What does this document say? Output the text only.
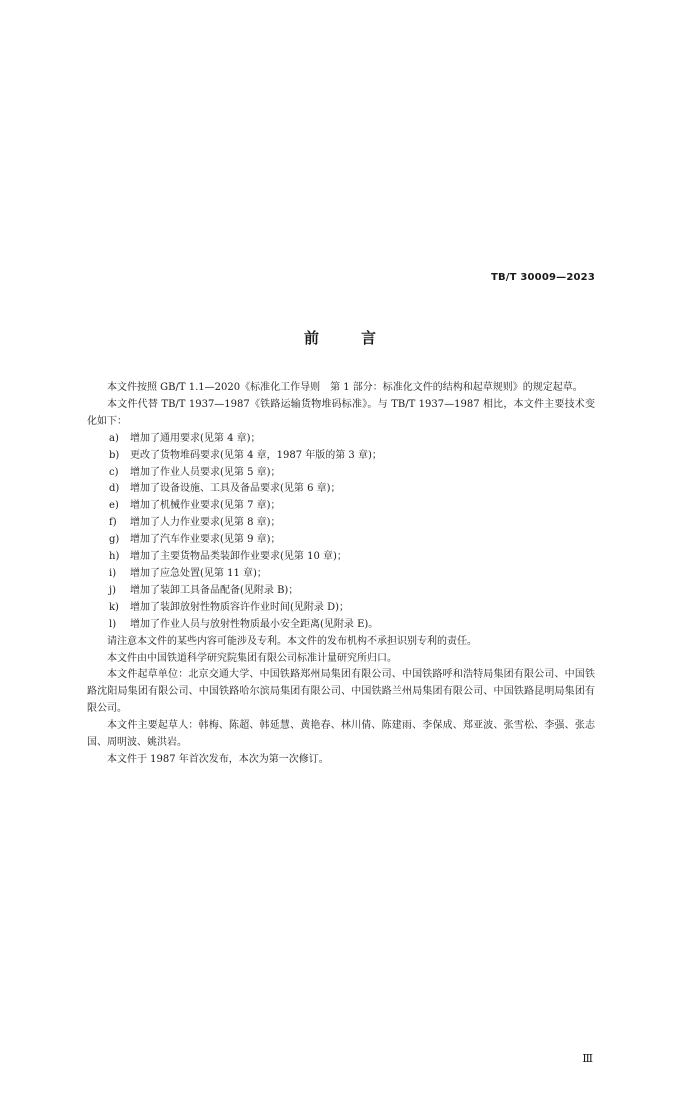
TB/T 30009—2023
前言

本文件按照 GB/T 1.1—2020《标准化工作导则　第 1 部分：标准化文件的结构和起草规则》的规定起草。

本文件代替 TB/T 1937—1987《铁路运输货物堆码标准》。与 TB/T 1937—1987 相比，本文件主要技术变化如下：

a) 增加了通用要求(见第 4 章)；
b) 更改了货物堆码要求(见第 4 章，1987 年版的第 3 章)；
c) 增加了作业人员要求(见第 5 章)；
d) 增加了设备设施、工具及备品要求(见第 6 章)；
e) 增加了机械作业要求(见第 7 章)；
f) 增加了人力作业要求(见第 8 章)；
g) 增加了汽车作业要求(见第 9 章)；
h) 增加了主要货物品类装卸作业要求(见第 10 章)；
i) 增加了应急处置(见第 11 章)；
j) 增加了装卸工具备品配备(见附录 B)；
k) 增加了装卸放射性物质容许作业时间(见附录 D)；
l) 增加了作业人员与放射性物质最小安全距离(见附录 E)。

请注意本文件的某些内容可能涉及专利。本文件的发布机构不承担识别专利的责任。

本文件由中国铁道科学研究院集团有限公司标准计量研究所归口。

本文件起草单位：北京交通大学、中国铁路郑州局集团有限公司、中国铁路呼和浩特局集团有限公司、中国铁路沈阳局集团有限公司、中国铁路哈尔滨局集团有限公司、中国铁路兰州局集团有限公司、中国铁路昆明局集团有限公司。

本文件主要起草人：韩梅、陈超、韩延慧、黄艳春、林川倩、陈建雨、李保成、郑亚波、张雪松、李强、张志国、周明波、姚洪岩。

本文件于 1987 年首次发布，本次为第一次修订。

Ⅲ
